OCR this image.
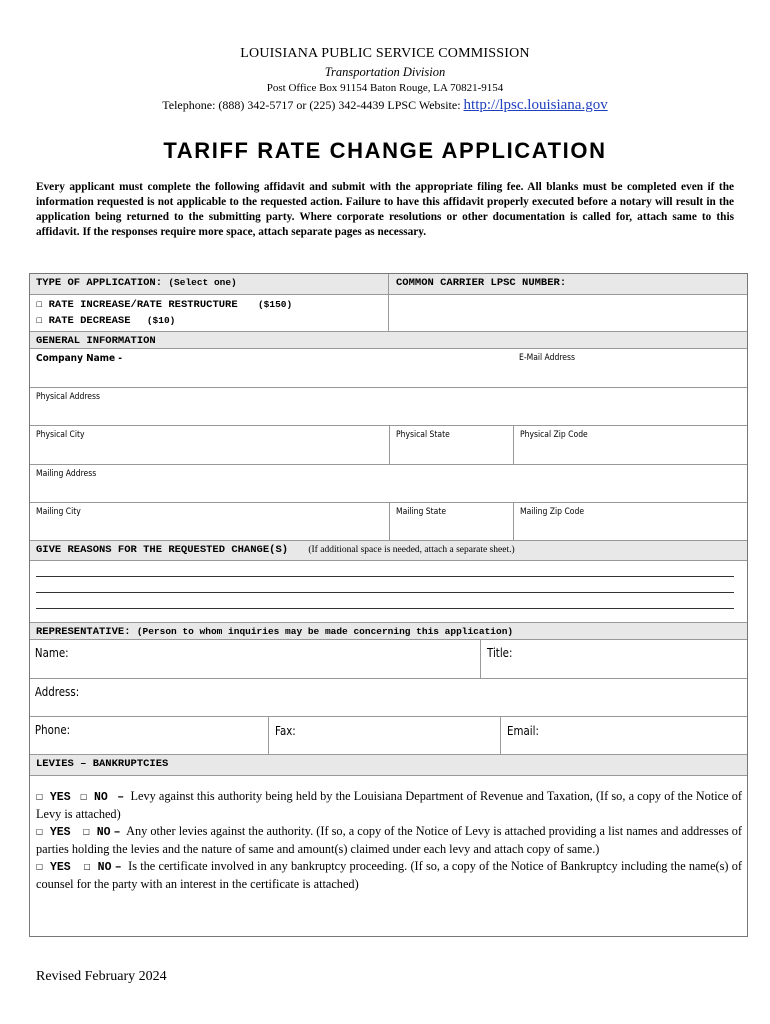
LOUISIANA PUBLIC SERVICE COMMISSION
Transportation Division
Post Office Box 91154 Baton Rouge, LA 70821-9154
Telephone: (888) 342-5717 or (225) 342-4439 LPSC Website: http://lpsc.louisiana.gov
TARIFF RATE CHANGE APPLICATION
Every applicant must complete the following affidavit and submit with the appropriate filing fee. All blanks must be completed even if the information requested is not applicable to the requested action. Failure to have this affidavit properly executed before a notary will result in the application being returned to the submitting party. Where corporate resolutions or other documentation is called for, attach same to this affidavit. If the responses require more space, attach separate pages as necessary.
TYPE OF APPLICATION: (Select one)	COMMON CARRIER LPSC NUMBER:
☐ RATE INCREASE/RATE RESTRUCTURE ($150)
☐ RATE DECREASE ($10)
GENERAL INFORMATION
Company Name -	E-Mail Address
Physical Address
Physical City	Physical State	Physical Zip Code
Mailing Address
Mailing City	Mailing State	Mailing Zip Code
GIVE REASONS FOR THE REQUESTED CHANGE(S) (If additional space is needed, attach a separate sheet.)
REPRESENTATIVE: (Person to whom inquiries may be made concerning this application)
Name:	Title:
Address:
Phone:	Fax:	Email:
LEVIES – BANKRUPTCIES
☐ YES ☐ NO – Levy against this authority being held by the Louisiana Department of Revenue and Taxation, (If so, a copy of the Notice of Levy is attached)
☐ YES ☐ NO – Any other levies against the authority. (If so, a copy of the Notice of Levy is attached providing a list names and addresses of parties holding the levies and the nature of same and amount(s) claimed under each levy and attach copy of same.)
☐ YES ☐ NO – Is the certificate involved in any bankruptcy proceeding. (If so, a copy of the Notice of Bankruptcy including the name(s) of counsel for the party with an interest in the certificate is attached)
Revised February 2024
